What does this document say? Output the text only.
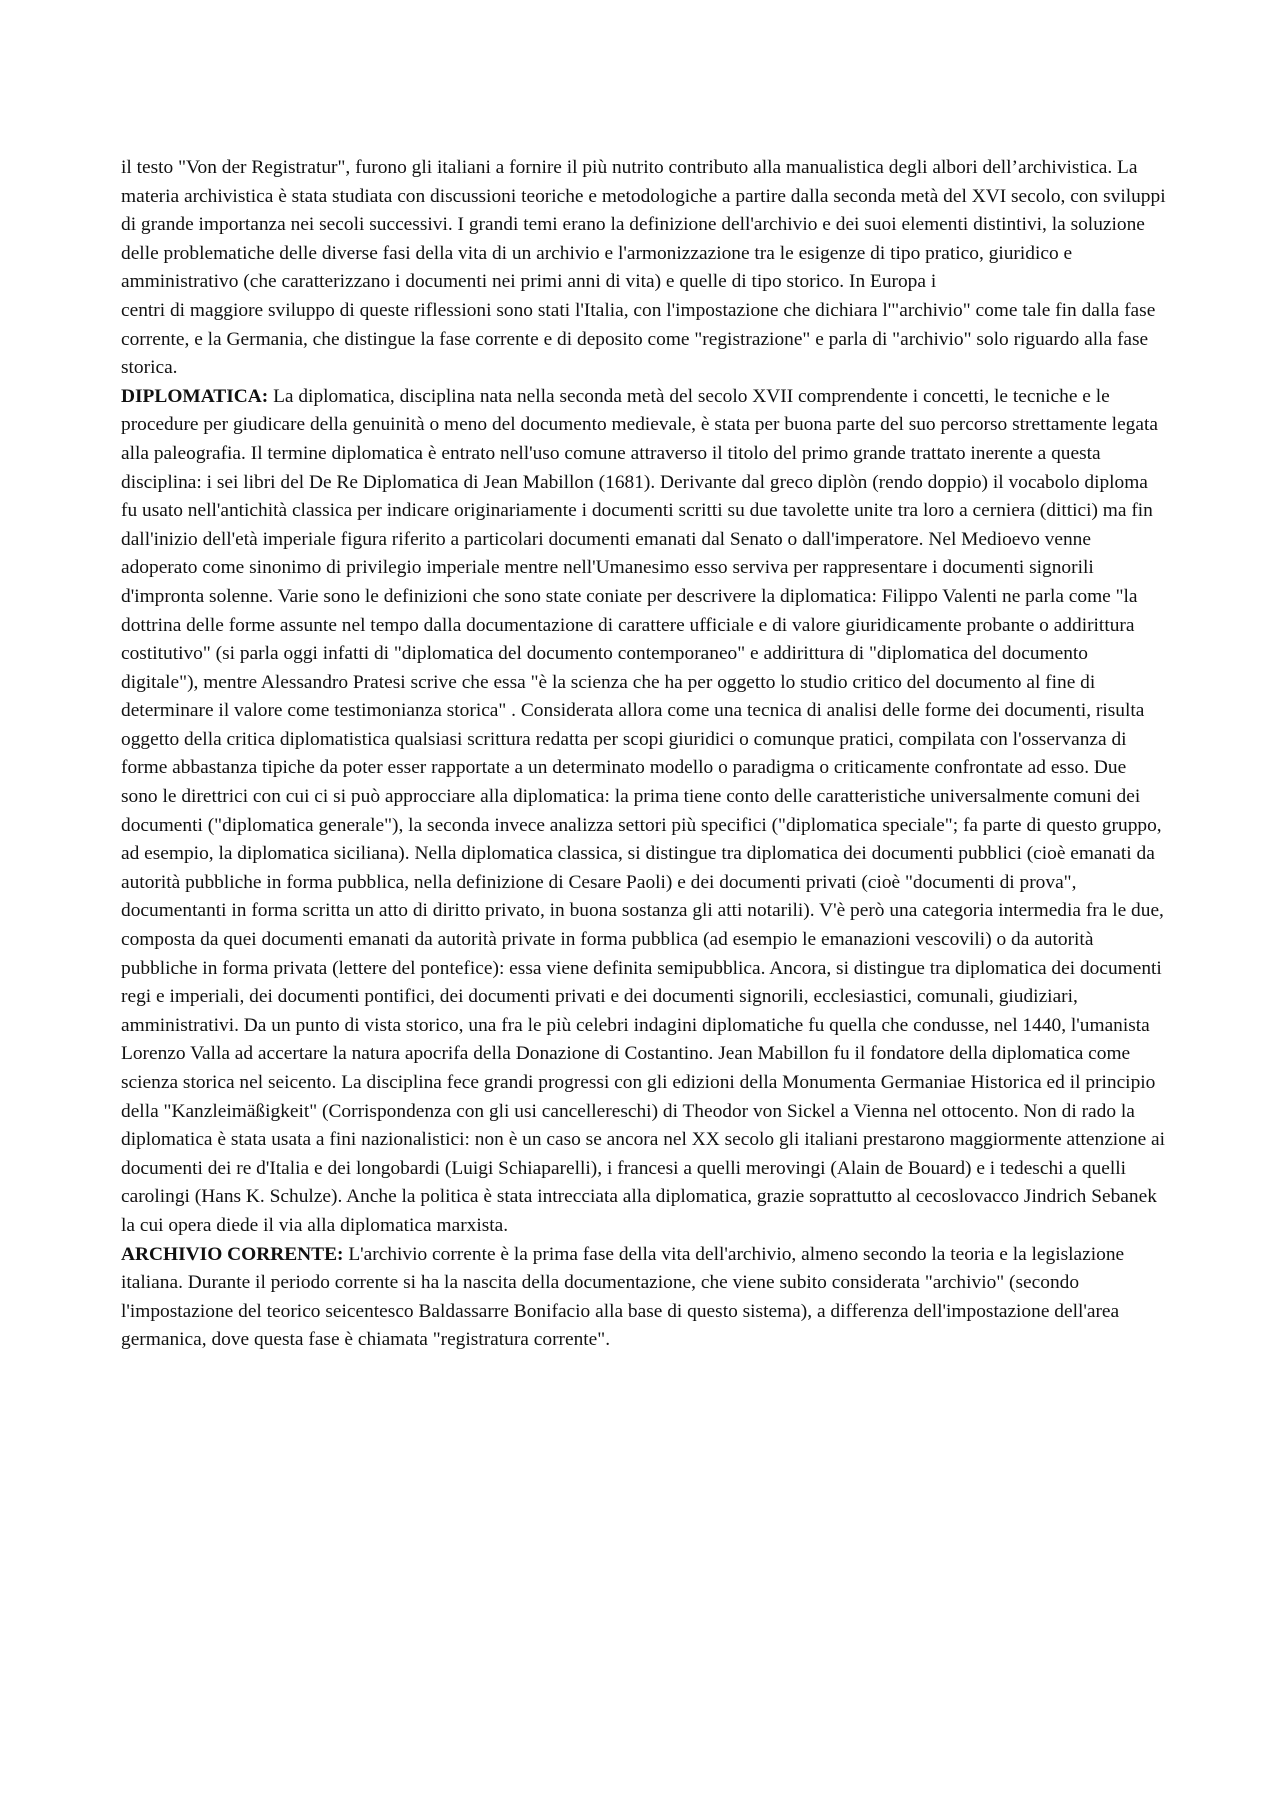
il testo "Von der Registratur", furono gli italiani a fornire il più nutrito contributo alla manualistica degli albori dell’archivistica. La materia archivistica è stata studiata con discussioni teoriche e metodologiche a partire dalla seconda metà del XVI secolo, con sviluppi di grande importanza nei secoli successivi. I grandi temi erano la definizione dell'archivio e dei suoi elementi distintivi, la soluzione delle problematiche delle diverse fasi della vita di un archivio e l'armonizzazione tra le esigenze di tipo pratico, giuridico e amministrativo (che caratterizzano i documenti nei primi anni di vita) e quelle di tipo storico. In Europa i

centri di maggiore sviluppo di queste riflessioni sono stati l'Italia, con l'impostazione che dichiara l'"archivio" come tale fin dalla fase corrente, e la Germania, che distingue la fase corrente e di deposito come "registrazione" e parla di "archivio" solo riguardo alla fase storica.

DIPLOMATICA: La diplomatica, disciplina nata nella seconda metà del secolo XVII comprendente i concetti, le tecniche e le procedure per giudicare della genuinità o meno del documento medievale, è stata per buona parte del suo percorso strettamente legata alla paleografia. Il termine diplomatica è entrato nell'uso comune attraverso il titolo del primo grande trattato inerente a questa disciplina: i sei libri del De Re Diplomatica di Jean Mabillon (1681). Derivante dal greco diplòn (rendo doppio) il vocabolo diploma fu usato nell'antichità classica per indicare originariamente i documenti scritti su due tavolette unite tra loro a cerniera (dittici) ma fin dall'inizio dell'età imperiale figura riferito a particolari documenti emanati dal Senato o dall'imperatore. Nel Medioevo venne adoperato come sinonimo di privilegio imperiale mentre nell'Umanesimo esso serviva per rappresentare i documenti signorili d'impronta solenne. Varie sono le definizioni che sono state coniate per descrivere la diplomatica: Filippo Valenti ne parla come "la dottrina delle forme assunte nel tempo dalla documentazione di carattere ufficiale e di valore giuridicamente probante o addirittura costitutivo" (si parla oggi infatti di "diplomatica del documento contemporaneo" e addirittura di "diplomatica del documento digitale"), mentre Alessandro Pratesi scrive che essa "è la scienza che ha per oggetto lo studio critico del documento al fine di determinare il valore come testimonianza storica" . Considerata allora come una tecnica di analisi delle forme dei documenti, risulta oggetto della critica diplomatistica qualsiasi scrittura redatta per scopi giuridici o comunque pratici, compilata con l'osservanza di forme abbastanza tipiche da poter esser rapportate a un determinato modello o paradigma o criticamente confrontate ad esso. Due sono le direttrici con cui ci si può approcciare alla diplomatica: la prima tiene conto delle caratteristiche universalmente comuni dei documenti ("diplomatica generale"), la seconda invece analizza settori più specifici ("diplomatica speciale"; fa parte di questo gruppo, ad esempio, la diplomatica siciliana). Nella diplomatica classica, si distingue tra diplomatica dei documenti pubblici (cioè emanati da autorità pubbliche in forma pubblica, nella definizione di Cesare Paoli) e dei documenti privati (cioè "documenti di prova", documentanti in forma scritta un atto di diritto privato, in buona sostanza gli atti notarili). V'è però una categoria intermedia fra le due, composta da quei documenti emanati da autorità private in forma pubblica (ad esempio le emanazioni vescovili) o da autorità pubbliche in forma privata (lettere del pontefice): essa viene definita semipubblica. Ancora, si distingue tra diplomatica dei documenti regi e imperiali, dei documenti pontifici, dei documenti privati e dei documenti signorili, ecclesiastici, comunali, giudiziari, amministrativi. Da un punto di vista storico, una fra le più celebri indagini diplomatiche fu quella che condusse, nel 1440, l'umanista Lorenzo Valla ad accertare la natura apocrifa della Donazione di Costantino. Jean Mabillon fu il fondatore della diplomatica come scienza storica nel seicento. La disciplina fece grandi progressi con gli edizioni della Monumenta Germaniae Historica ed il principio della "Kanzleimäßigkeit" (Corrispondenza con gli usi cancellereschi) di Theodor von Sickel a Vienna nel ottocento. Non di rado la diplomatica è stata usata a fini nazionalistici: non è un caso se ancora nel XX secolo gli italiani prestarono maggiormente attenzione ai documenti dei re d'Italia e dei longobardi (Luigi Schiaparelli), i francesi a quelli merovingi (Alain de Bouard) e i tedeschi a quelli carolingi (Hans K. Schulze). Anche la politica è stata intrecciata alla diplomatica, grazie soprattutto al cecoslovacco Jindrich Sebanek la cui opera diede il via alla diplomatica marxista.

ARCHIVIO CORRENTE: L'archivio corrente è la prima fase della vita dell'archivio, almeno secondo la teoria e la legislazione italiana. Durante il periodo corrente si ha la nascita della documentazione, che viene subito considerata "archivio" (secondo l'impostazione del teorico seicentesco Baldassarre Bonifacio alla base di questo sistema), a differenza dell'impostazione dell'area germanica, dove questa fase è chiamata "registratura corrente".
